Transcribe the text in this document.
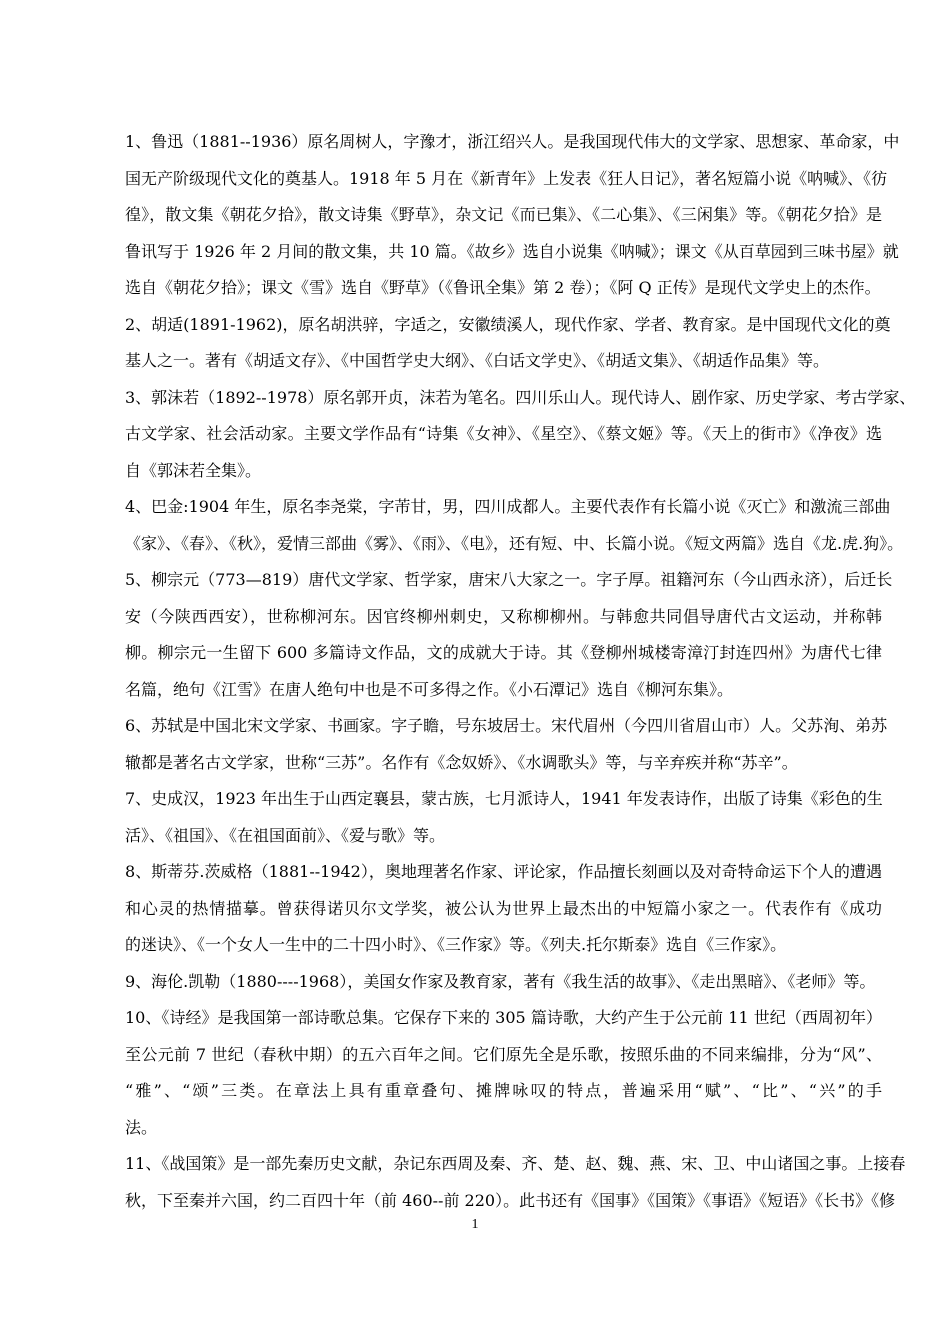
1、鲁迅（1881--1936）原名周树人，字豫才，浙江绍兴人。是我国现代伟大的文学家、思想家、革命家，中
国无产阶级现代文化的奠基人。1918 年 5 月在《新青年》上发表《狂人日记》，著名短篇小说《呐喊》、《彷
徨》，散文集《朝花夕拾》，散文诗集《野草》，杂文记《而已集》、《二心集》、《三闲集》等。《朝花夕拾》是
鲁讯写于 1926 年 2 月间的散文集，共 10 篇。《故乡》选自小说集《呐喊》；课文《从百草园到三味书屋》就
选自《朝花夕拾》；课文《雪》选自《野草》（《鲁讯全集》第 2 卷）；《阿 Q 正传》是现代文学史上的杰作。
2、胡适(1891-1962)，原名胡洪骍，字适之，安徽绩溪人，现代作家、学者、教育家。是中国现代文化的奠
基人之一。著有《胡适文存》、《中国哲学史大纲》、《白话文学史》、《胡适文集》、《胡适作品集》等。
3、郭沫若（1892--1978）原名郭开贞，沫若为笔名。四川乐山人。现代诗人、剧作家、历史学家、考古学家、
古文学家、社会活动家。主要文学作品有“诗集《女神》、《星空》、《蔡文姬》等。《天上的街市》《净夜》选
自《郭沫若全集》。
4、巴金:1904 年生，原名李尧棠，字芾甘，男，四川成都人。主要代表作有长篇小说《灭亡》和激流三部曲
《家》、《春》、《秋》，爱情三部曲《雾》、《雨》、《电》，还有短、中、长篇小说。《短文两篇》选自《龙.虎.狗》。
5、柳宗元（773—819）唐代文学家、哲学家，唐宋八大家之一。字子厚。祖籍河东（今山西永济），后迁长
安（今陕西西安），世称柳河东。因官终柳州刺史，又称柳柳州。与韩愈共同倡导唐代古文运动，并称韩
柳。柳宗元一生留下 600 多篇诗文作品，文的成就大于诗。其《登柳州城楼寄漳汀封连四州》为唐代七律
名篇，绝句《江雪》在唐人绝句中也是不可多得之作。《小石潭记》选自《柳河东集》。
6、苏轼是中国北宋文学家、书画家。字子瞻，号东坡居士。宋代眉州（今四川省眉山市）人。父苏洵、弟苏
辙都是著名古文学家，世称“三苏”。名作有《念奴娇》、《水调歌头》等，与辛弃疾并称“苏辛”。
7、史成汉，1923 年出生于山西定襄县，蒙古族，七月派诗人，1941 年发表诗作，出版了诗集《彩色的生
活》、《祖国》、《在祖国面前》、《爱与歌》等。
8、斯蒂芬.茨威格（1881--1942），奥地理著名作家、评论家，作品擅长刻画以及对奇特命运下个人的遭遇
和心灵的热情描摹。曾获得诺贝尔文学奖，被公认为世界上最杰出的中短篇小家之一。代表作有《成功
的迷诀》、《一个女人一生中的二十四小时》、《三作家》等。《列夫.托尔斯泰》选自《三作家》。
9、海伦.凯勒（1880----1968），美国女作家及教育家，著有《我生活的故事》、《走出黑暗》、《老师》等。
10、《诗经》是我国第一部诗歌总集。它保存下来的 305 篇诗歌，大约产生于公元前 11 世纪（西周初年）
至公元前 7 世纪（春秋中期）的五六百年之间。它们原先全是乐歌，按照乐曲的不同来编排，分为“风”、
“雅”、“颂”三类。在章法上具有重章叠句、摊牌咏叹的特点，普遍采用“赋”、“比”、“兴”的手
法。
11、《战国策》是一部先秦历史文献，杂记东西周及秦、齐、楚、赵、魏、燕、宋、卫、中山诸国之事。上接春
秋，下至秦并六国，约二百四十年（前 460--前 220）。此书还有《国事》《国策》《事语》《短语》《长书》《修
1
